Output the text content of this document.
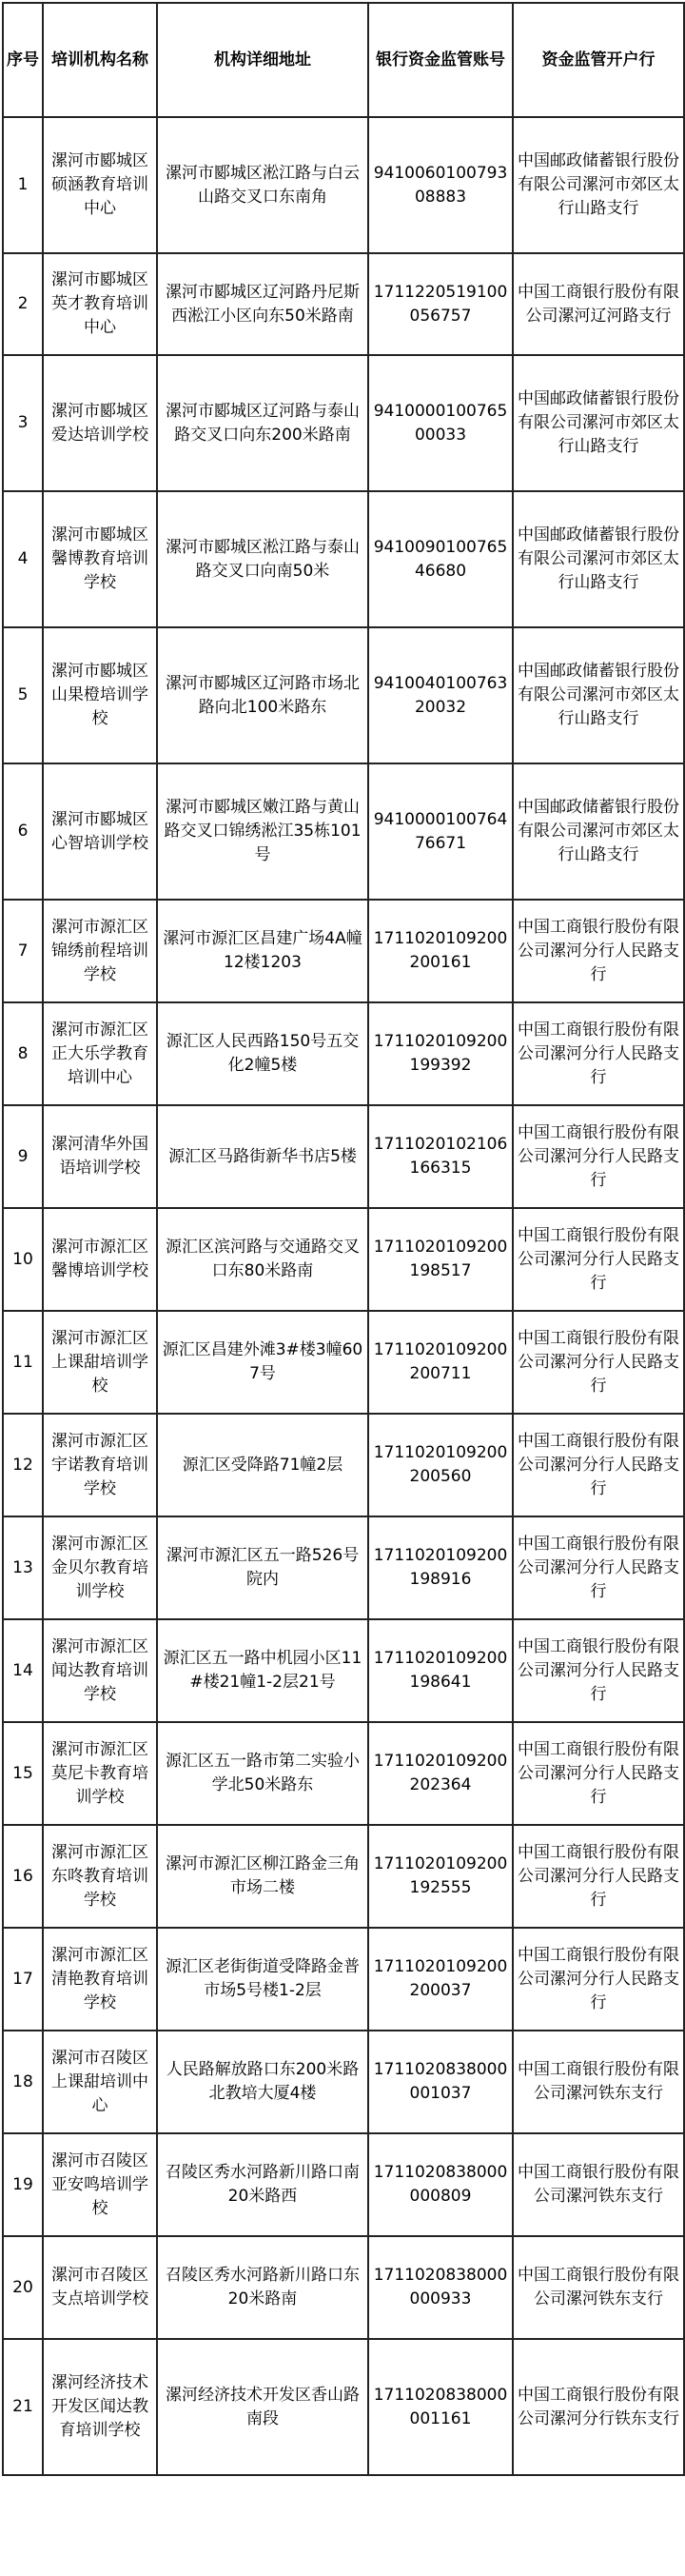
序号	培训机构名称	机构详细地址	银行资金监管账号	资金监管开户行
1	漯河市郾城区硕涵教育培训中心	漯河市郾城区淞江路与白云山路交叉口东南角	941006010079308883	中国邮政储蓄银行股份有限公司漯河市郊区太行山路支行
2	漯河市郾城区英才教育培训中心	漯河市郾城区辽河路丹尼斯西淞江小区向东50米路南	1711220519100056757	中国工商银行股份有限公司漯河辽河路支行
3	漯河市郾城区爱达培训学校	漯河市郾城区辽河路与泰山路交叉口向东200米路南	941000010076500033	中国邮政储蓄银行股份有限公司漯河市郊区太行山路支行
4	漯河市郾城区馨博教育培训学校	漯河市郾城区淞江路与泰山路交叉口向南50米	941009010076546680	中国邮政储蓄银行股份有限公司漯河市郊区太行山路支行
5	漯河市郾城区山果橙培训学校	漯河市郾城区辽河路市场北路向北100米路东	941004010076320032	中国邮政储蓄银行股份有限公司漯河市郊区太行山路支行
6	漯河市郾城区心智培训学校	漯河市郾城区嫩江路与黄山路交叉口锦绣淞江35栋101号	941000010076476671	中国邮政储蓄银行股份有限公司漯河市郊区太行山路支行
7	漯河市源汇区锦绣前程培训学校	漯河市源汇区昌建广场4A幢12楼1203	1711020109200200161	中国工商银行股份有限公司漯河分行人民路支行
8	漯河市源汇区正大乐学教育培训中心	源汇区人民西路150号五交化2幢5楼	1711020109200199392	中国工商银行股份有限公司漯河分行人民路支行
9	漯河清华外国语培训学校	源汇区马路街新华书店5楼	1711020102106166315	中国工商银行股份有限公司漯河分行人民路支行
10	漯河市源汇区馨博培训学校	源汇区滨河路与交通路交叉口东80米路南	1711020109200198517	中国工商银行股份有限公司漯河分行人民路支行
11	漯河市源汇区上课甜培训学校	源汇区昌建外滩3#楼3幢607号	1711020109200200711	中国工商银行股份有限公司漯河分行人民路支行
12	漯河市源汇区宇诺教育培训学校	源汇区受降路71幢2层	1711020109200200560	中国工商银行股份有限公司漯河分行人民路支行
13	漯河市源汇区金贝尔教育培训学校	漯河市源汇区五一路526号院内	1711020109200198916	中国工商银行股份有限公司漯河分行人民路支行
14	漯河市源汇区闻达教育培训学校	源汇区五一路中机园小区11#楼21幢1-2层21号	1711020109200198641	中国工商银行股份有限公司漯河分行人民路支行
15	漯河市源汇区莫尼卡教育培训学校	源汇区五一路市第二实验小学北50米路东	1711020109200202364	中国工商银行股份有限公司漯河分行人民路支行
16	漯河市源汇区东咚教育培训学校	漯河市源汇区柳江路金三角市场二楼	1711020109200192555	中国工商银行股份有限公司漯河分行人民路支行
17	漯河市源汇区清艳教育培训学校	源汇区老街街道受降路金普市场5号楼1-2层	1711020109200200037	中国工商银行股份有限公司漯河分行人民路支行
18	漯河市召陵区上课甜培训中心	人民路解放路口东200米路北教培大厦4楼	1711020838000001037	中国工商银行股份有限公司漯河铁东支行
19	漯河市召陵区亚安鸣培训学校	召陵区秀水河路新川路口南20米路西	1711020838000000809	中国工商银行股份有限公司漯河铁东支行
20	漯河市召陵区支点培训学校	召陵区秀水河路新川路口东20米路南	1711020838000000933	中国工商银行股份有限公司漯河铁东支行
21	漯河经济技术开发区闻达教育培训学校	漯河经济技术开发区香山路南段	1711020838000001161	中国工商银行股份有限公司漯河分行铁东支行
